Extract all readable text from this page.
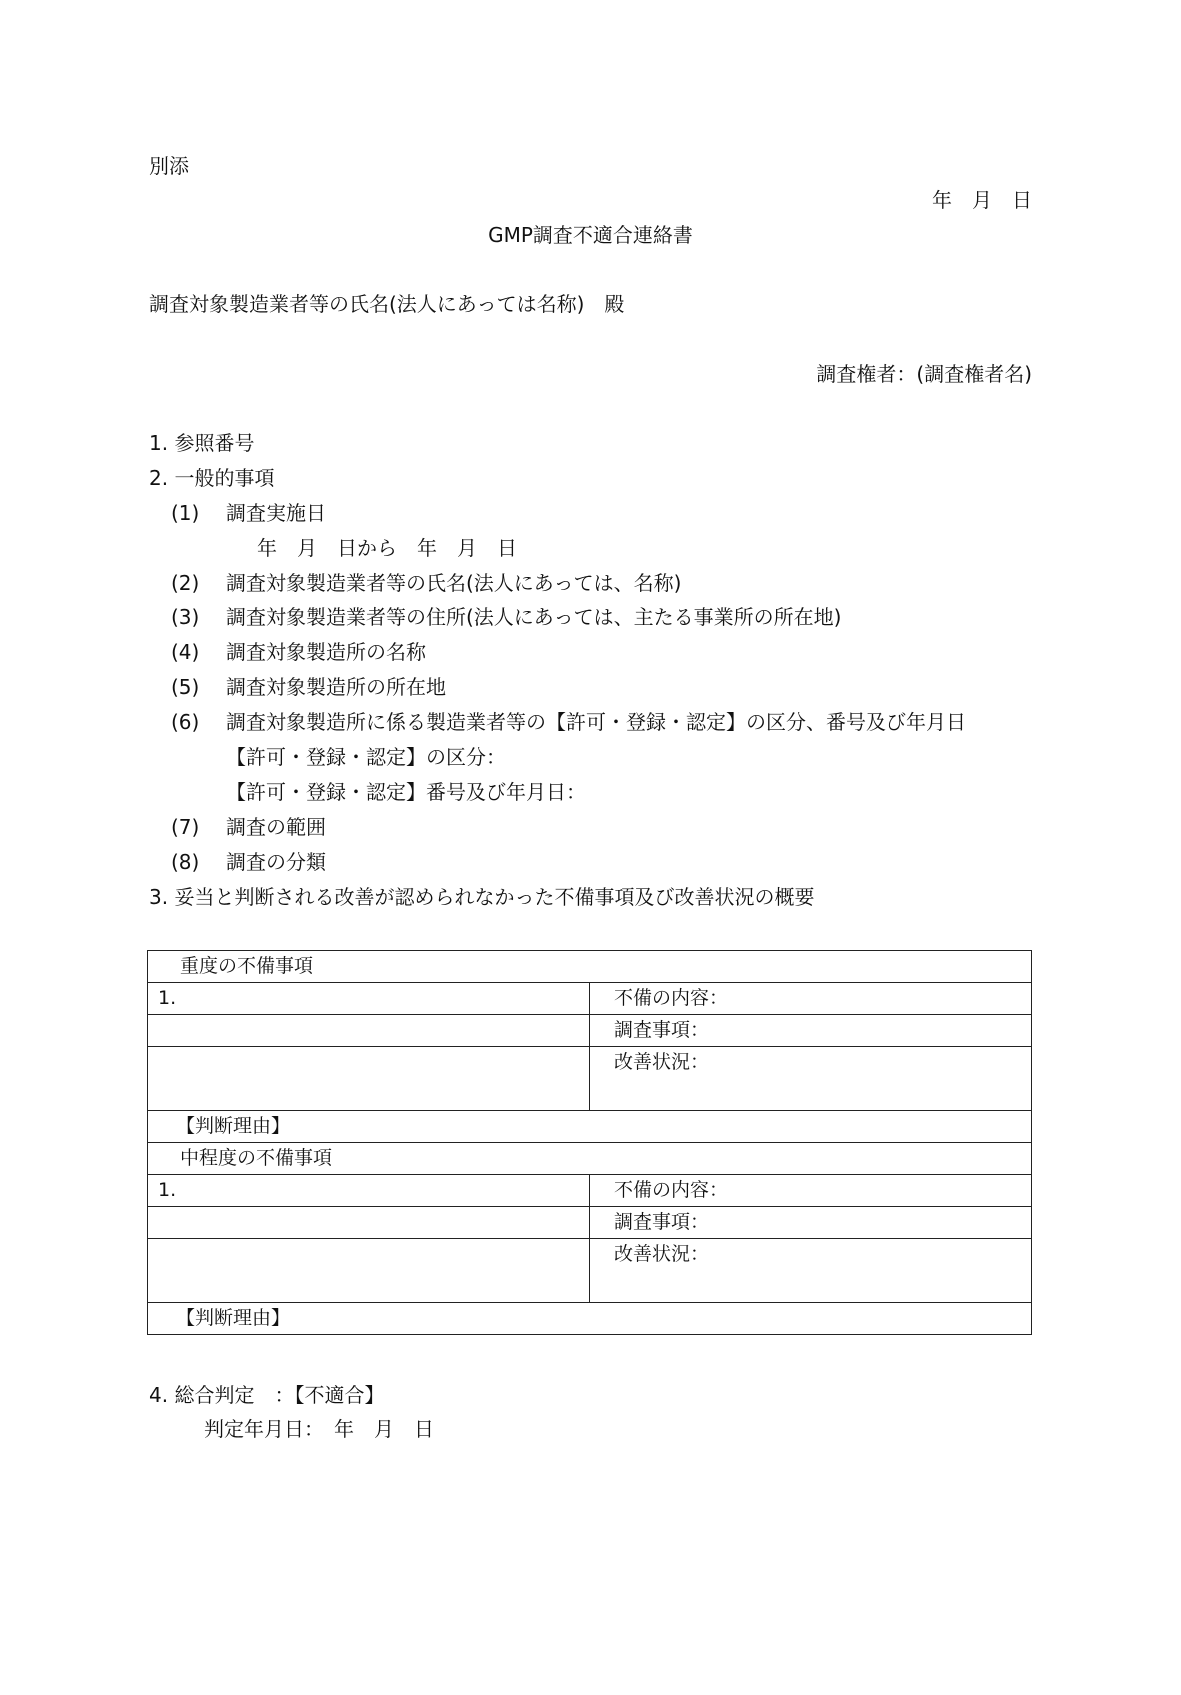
別添
年　月　日
GMP調査不適合連絡書
調査対象製造業者等の氏名(法人にあっては名称)　殿
調査権者：(調査権者名)
1. 参照番号
2. 一般的事項
(1) 調査実施日
年　月　日から　年　月　日
(2) 調査対象製造業者等の氏名(法人にあっては、名称)
(3) 調査対象製造業者等の住所(法人にあっては、主たる事業所の所在地)
(4) 調査対象製造所の名称
(5) 調査対象製造所の所在地
(6) 調査対象製造所に係る製造業者等の【許可・登録・認定】の区分、番号及び年月日
【許可・登録・認定】の区分：
【許可・登録・認定】番号及び年月日：
(7) 調査の範囲
(8) 調査の分類
3. 妥当と判断される改善が認められなかった不備事項及び改善状況の概要
重度の不備事項	
1.	不備の内容：
	調査事項：
	改善状況：
【判断理由】	
中程度の不備事項	
1.	不備の内容：
	調査事項：
	改善状況：
【判断理由】	
4. 総合判定　：【不適合】
判定年月日：　年　月　日
